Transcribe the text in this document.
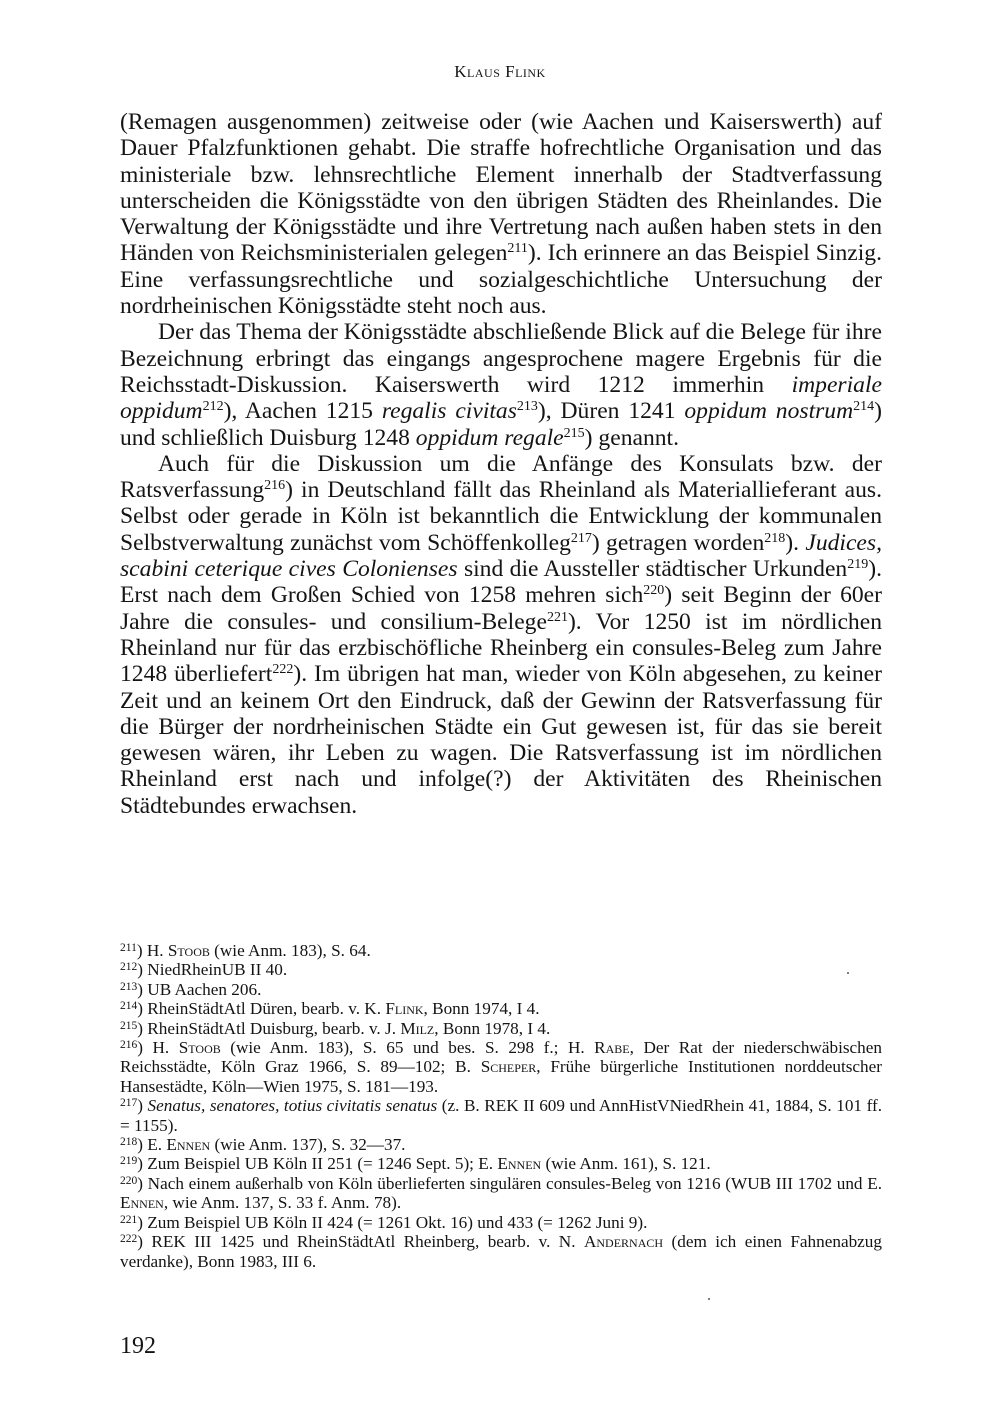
Klaus Flink

(Remagen ausgenommen) zeitweise oder (wie Aachen und Kaiserswerth) auf Dauer Pfalzfunktionen gehabt. Die straffe hofrechtliche Organisation und das ministeriale bzw. lehnsrechtliche Element innerhalb der Stadtverfassung unterscheiden die Königsstädte von den übrigen Städten des Rheinlandes. Die Verwaltung der Königsstädte und ihre Vertretung nach außen haben stets in den Händen von Reichsministerialen gelegen$^{211}$). Ich erinnere an das Beispiel Sinzig. Eine verfassungsrechtliche und sozialgeschichtliche Untersuchung der nordrheinischen Königsstädte steht noch aus.

Der das Thema der Königsstädte abschließende Blick auf die Belege für ihre Bezeichnung erbringt das eingangs angesprochene magere Ergebnis für die Reichsstadt-Diskussion. Kaiserswerth wird 1212 immerhin imperiale oppidum$^{212}$), Aachen 1215 regalis civitas$^{213}$), Düren 1241 oppidum nostrum$^{214}$) und schließlich Duisburg 1248 oppidum regale$^{215}$) genannt.

Auch für die Diskussion um die Anfänge des Konsulats bzw. der Ratsverfassung$^{216}$) in Deutschland fällt das Rheinland als Materiallieferant aus. Selbst oder gerade in Köln ist bekanntlich die Entwicklung der kommunalen Selbstverwaltung zunächst vom Schöffenkolleg$^{217}$) getragen worden$^{218}$). Judices, scabini ceterique cives Colonienses sind die Aussteller städtischer Urkunden$^{219}$). Erst nach dem Großen Schied von 1258 mehren sich$^{220}$) seit Beginn der 60er Jahre die consules- und consilium-Belege$^{221}$). Vor 1250 ist im nördlichen Rheinland nur für das erzbischöfliche Rheinberg ein consules-Beleg zum Jahre 1248 überliefert$^{222}$). Im übrigen hat man, wieder von Köln abgesehen, zu keiner Zeit und an keinem Ort den Eindruck, daß der Gewinn der Ratsverfassung für die Bürger der nordrheinischen Städte ein Gut gewesen ist, für das sie bereit gewesen wären, ihr Leben zu wagen. Die Ratsverfassung ist im nördlichen Rheinland erst nach und infolge(?) der Aktivitäten des Rheinischen Städtebundes erwachsen.

$^{211}$) H. Stoob (wie Anm. 183), S. 64.

$^{212}$) NiedRheinUB II 40.

$^{213}$) UB Aachen 206.

$^{214}$) RheinStädtAtl Düren, bearb. v. K. Flink, Bonn 1974, I 4.

$^{215}$) RheinStädtAtl Duisburg, bearb. v. J. Milz, Bonn 1978, I 4.

$^{216}$) H. Stoob (wie Anm. 183), S. 65 und bes. S. 298 f.; H. Rabe, Der Rat der niederschwäbischen Reichsstädte, Köln Graz 1966, S. 89—102; B. Scheper, Frühe bürgerliche Institutionen norddeutscher Hansestädte, Köln—Wien 1975, S. 181—193.

$^{217}$) Senatus, senatores, totius civitatis senatus (z. B. REK II 609 und AnnHistVNiedRhein 41, 1884, S. 101 ff. = 1155).

$^{218}$) E. Ennen (wie Anm. 137), S. 32—37.

$^{219}$) Zum Beispiel UB Köln II 251 (= 1246 Sept. 5); E. Ennen (wie Anm. 161), S. 121.

$^{220}$) Nach einem außerhalb von Köln überlieferten singulären consules-Beleg von 1216 (WUB III 1702 und E. Ennen, wie Anm. 137, S. 33 f. Anm. 78).

$^{221}$) Zum Beispiel UB Köln II 424 (= 1261 Okt. 16) und 433 (= 1262 Juni 9).

$^{222}$) REK III 1425 und RheinStädtAtl Rheinberg, bearb. v. N. Andernach (dem ich einen Fahnenabzug verdanke), Bonn 1983, III 6.

192
